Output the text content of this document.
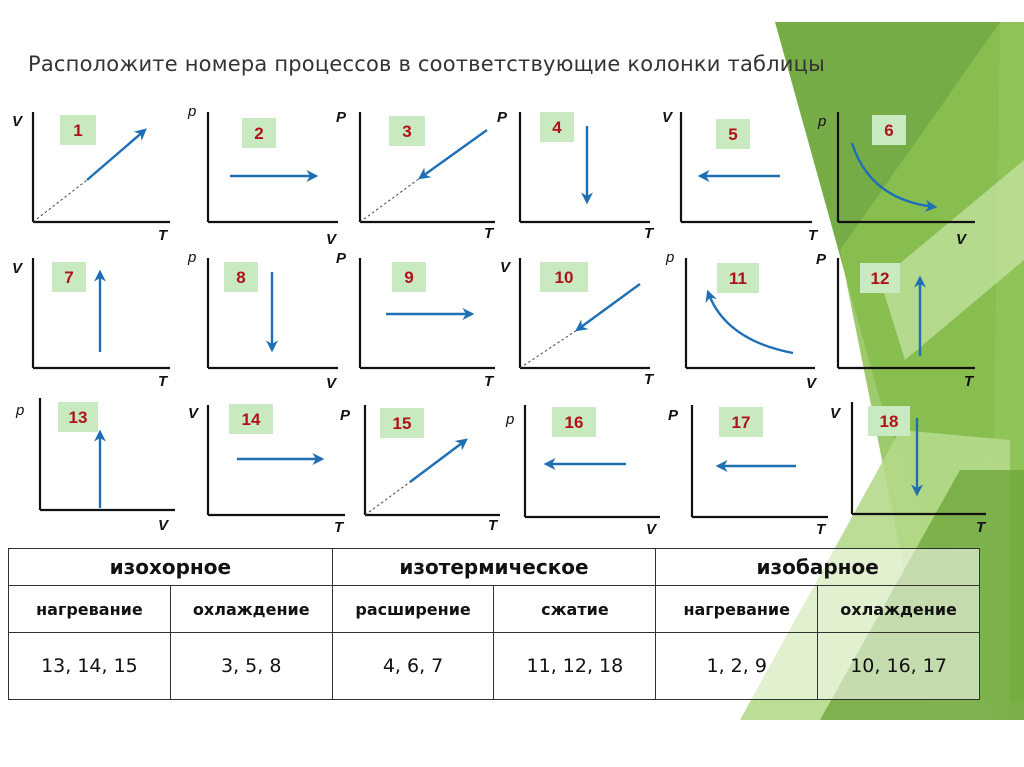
Расположите номера процессов в соответствующие колонки таблицы
1
V
T
2
p
V
3
P
T
4
P
T
5
V
T
6
p
V
7
V
T
8
p
V
9
P
T
10
V
T
11
p
V
12
P
T
13
p
V
14
V
T
15
P
T
16
p
V
17
P
T
18
V
T
изохорное		изотермическое		изобарное	
нагревание	охлаждение	расширение	сжатие	нагревание	охлаждение
13, 14, 15	3, 5, 8	4, 6, 7	11, 12, 18	1, 2, 9	10, 16, 17
